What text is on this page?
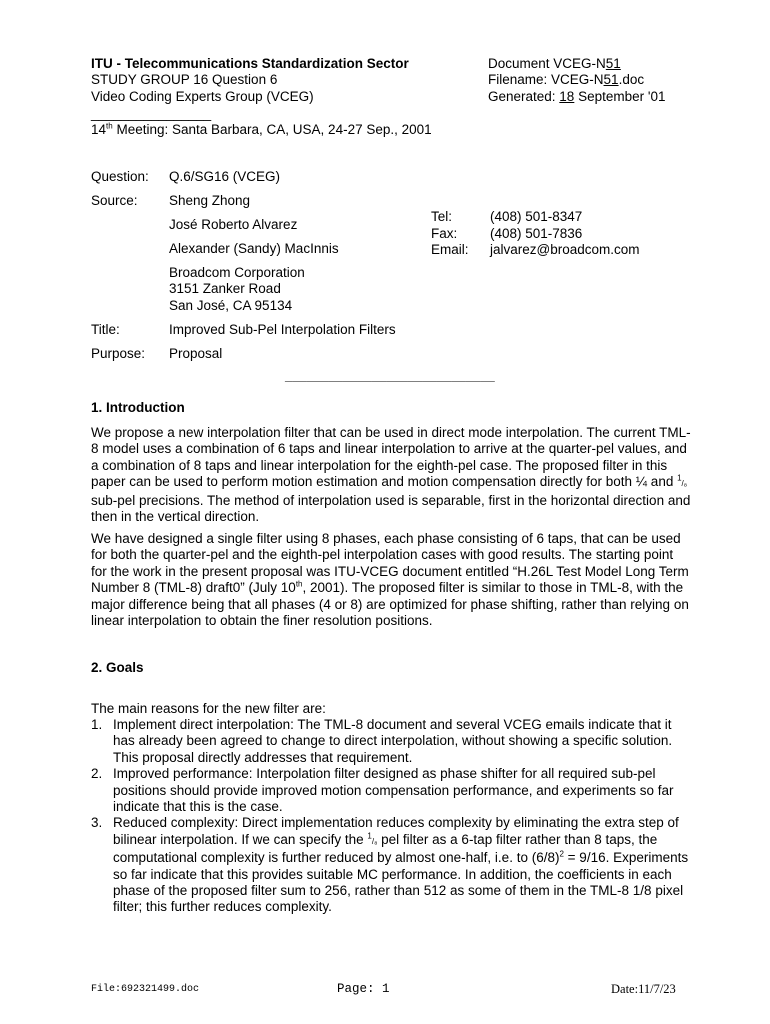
ITU - Telecommunications Standardization Sector
STUDY GROUP 16 Question 6
Video Coding Experts Group (VCEG)
Document VCEG-N51
Filename: VCEG-N51.doc
Generated: 18 September '01
________________
14th Meeting: Santa Barbara, CA, USA, 24-27 Sep., 2001
Question: Q.6/SG16 (VCEG)
Source: Sheng Zhong
José Roberto Alvarez
Alexander (Sandy) MacInnis
Broadcom Corporation
3151 Zanker Road
San José, CA 95134
Tel:	(408) 501-8347
Fax: (408) 501-7836
Email: jalvarez@broadcom.com
Title:	Improved Sub-Pel Interpolation Filters
Purpose: Proposal
_____________________________
1. Introduction

We propose a new interpolation filter that can be used in direct mode interpolation. The current TML-8 model uses a combination of 6 taps and linear interpolation to arrive at the quarter-pel values, and a combination of 8 taps and linear interpolation for the eighth-pel case. The proposed filter in this paper can be used to perform motion estimation and motion compensation directly for both ¼ and $^1$/₈ sub-pel precisions. The method of interpolation used is separable, first in the horizontal direction and then in the vertical direction.

We have designed a single filter using 8 phases, each phase consisting of 6 taps, that can be used for both the quarter-pel and the eighth-pel interpolation cases with good results. The starting point for the work in the present proposal was ITU-VCEG document entitled “H.26L Test Model Long Term Number 8 (TML-8) draft0” (July 10th, 2001). The proposed filter is similar to those in TML-8, with the major difference being that all phases (4 or 8) are optimized for phase shifting, rather than relying on linear interpolation to obtain the finer resolution positions.

2. Goals
The main reasons for the new filter are:
1. Implement direct interpolation: The TML-8 document and several VCEG emails indicate that it has already been agreed to change to direct interpolation, without showing a specific solution. This proposal directly addresses that requirement.
2. Improved performance: Interpolation filter designed as phase shifter for all required sub-pel positions should provide improved motion compensation performance, and experiments so far indicate that this is the case.
3. Reduced complexity: Direct implementation reduces complexity by eliminating the extra step of bilinear interpolation. If we can specify the $^1$/₈ pel filter as a 6-tap filter rather than 8 taps, the computational complexity is further reduced by almost one-half, i.e. to $(6/8)^2 = 9/16$. Experiments so far indicate that this provides suitable MC performance. In addition, the coefficients in each phase of the proposed filter sum to 256, rather than 512 as some of them in the TML-8 1/8 pixel filter; this further reduces complexity.
File:692321499.doc	Page: 1	Date:11/7/23
